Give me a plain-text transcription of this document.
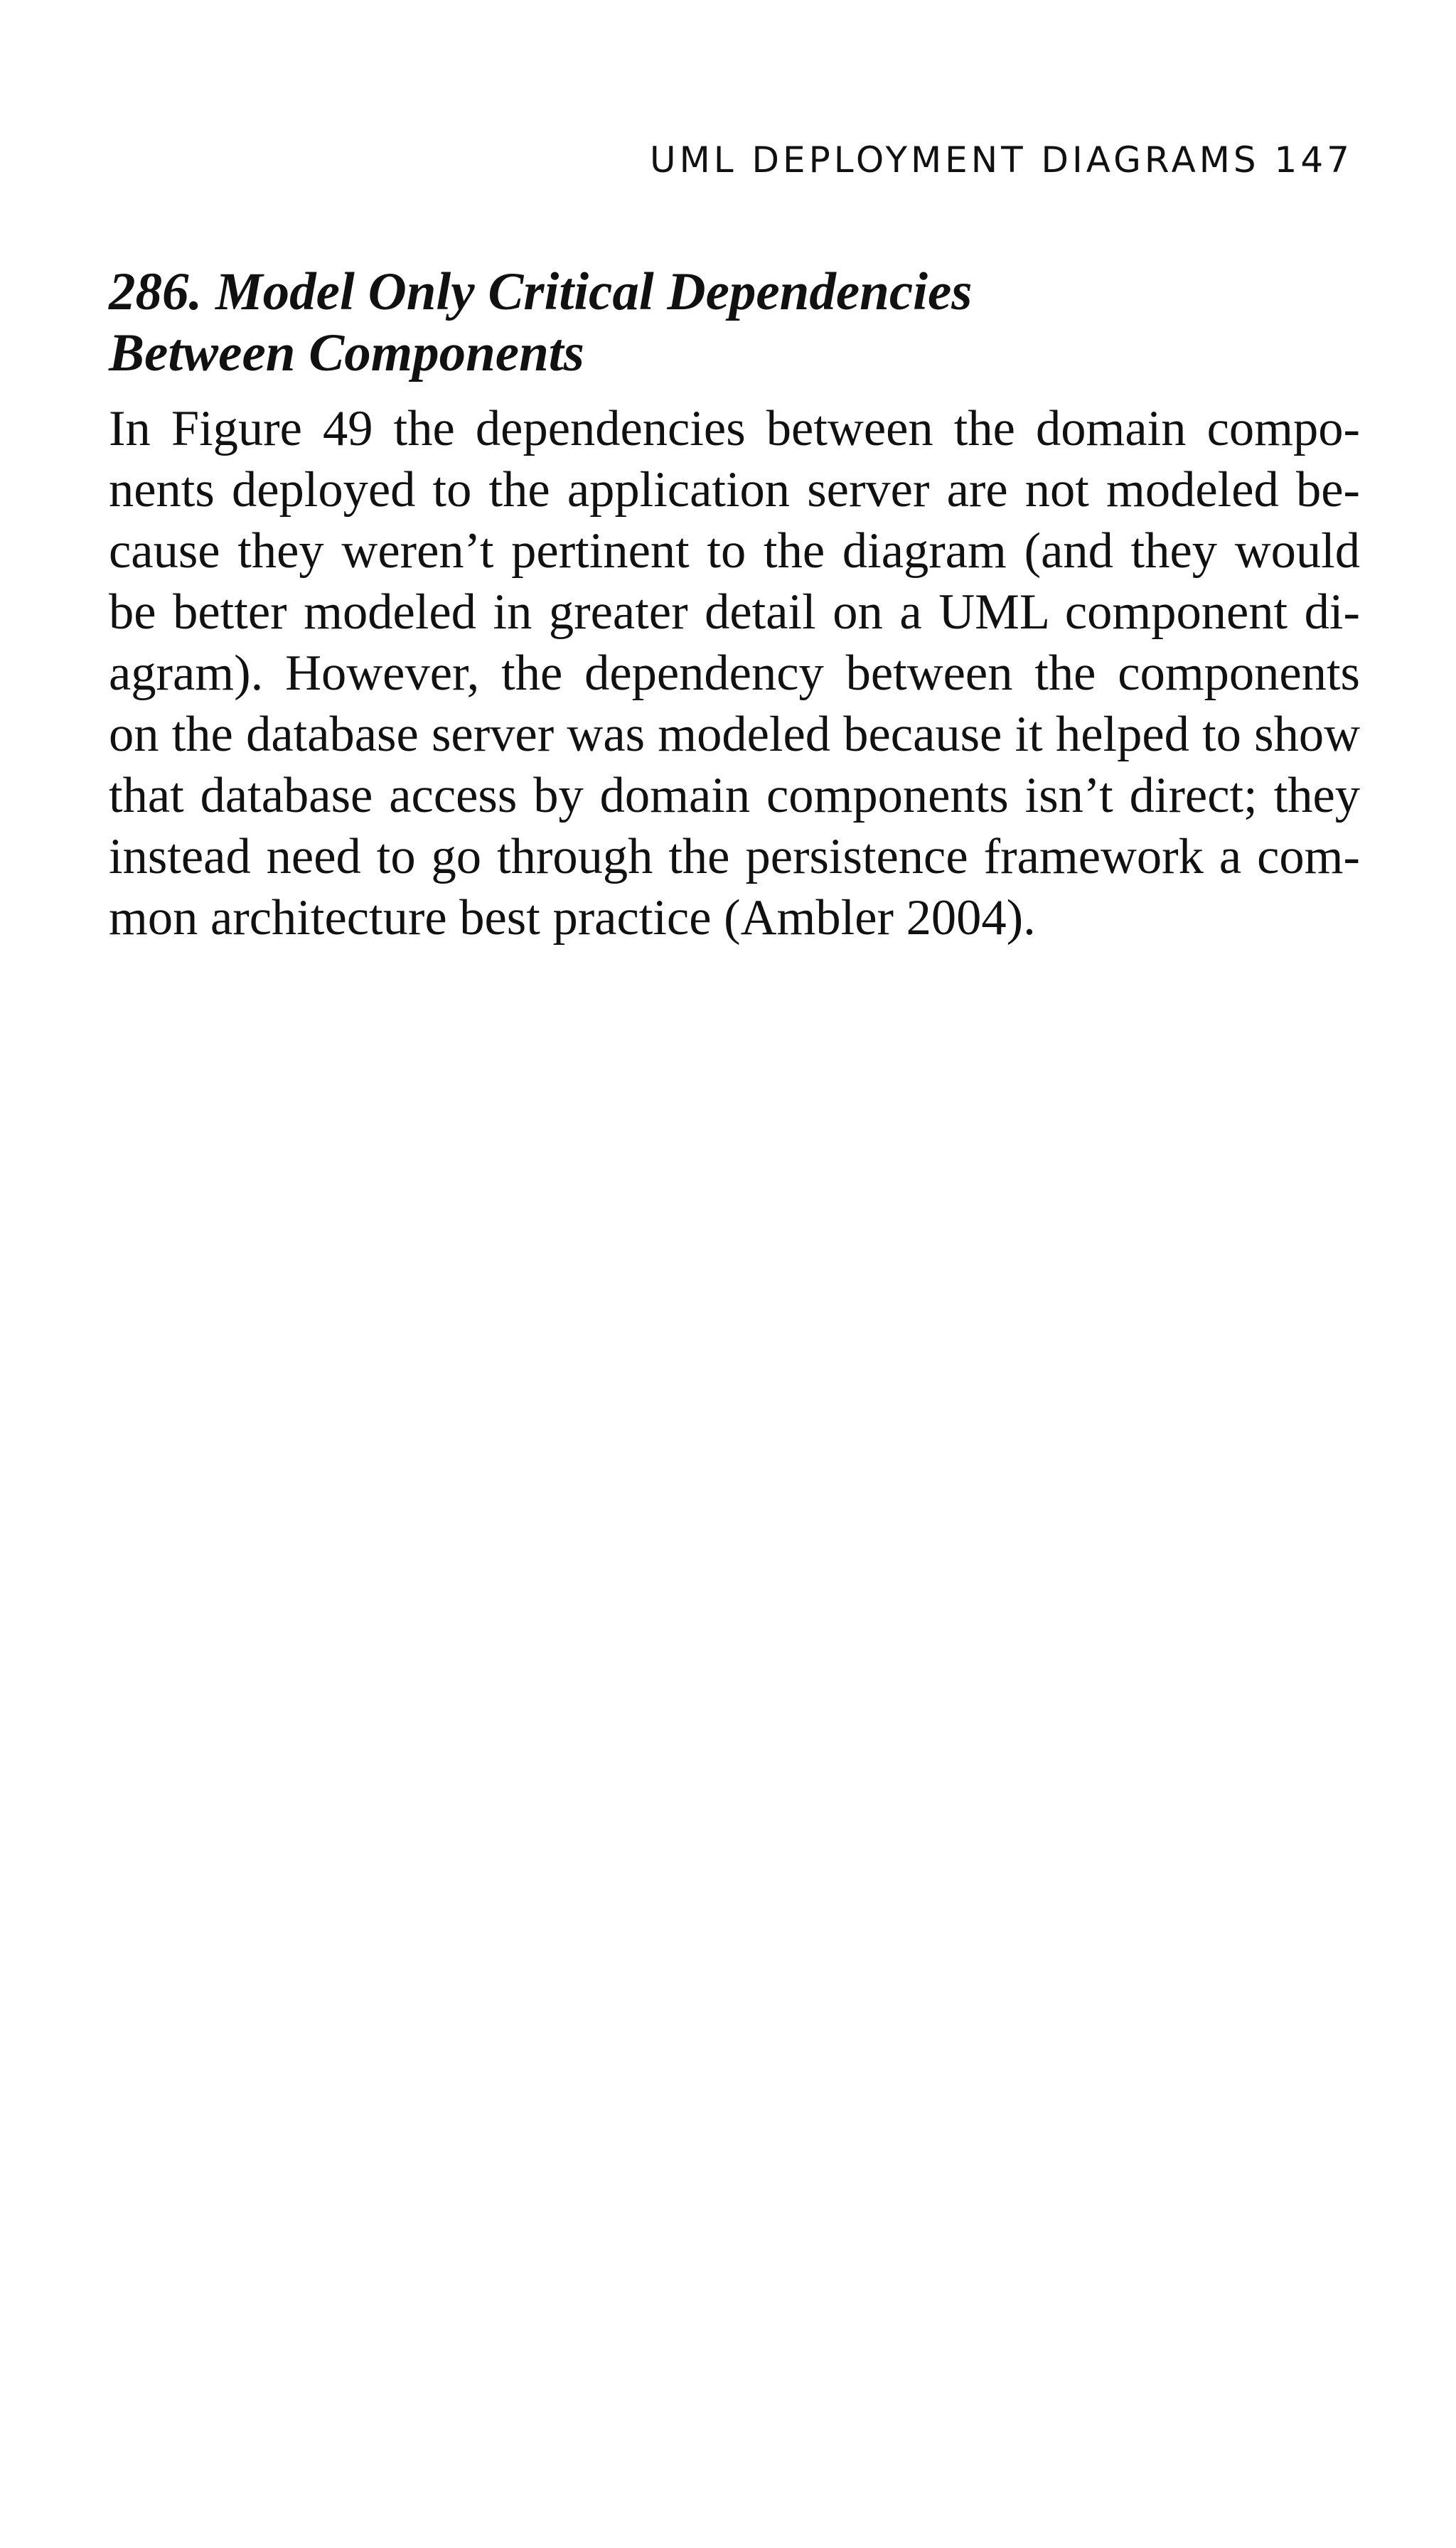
UML DEPLOYMENT DIAGRAMS 147
286. Model Only Critical Dependencies
Between Components
In Figure 49 the dependencies between the domain compo-
nents deployed to the application server are not modeled be-
cause they weren’t pertinent to the diagram (and they would
be better modeled in greater detail on a UML component di-
agram). However, the dependency between the components
on the database server was modeled because it helped to show
that database access by domain components isn’t direct; they
instead need to go through the persistence framework a com-
mon architecture best practice (Ambler 2004).
